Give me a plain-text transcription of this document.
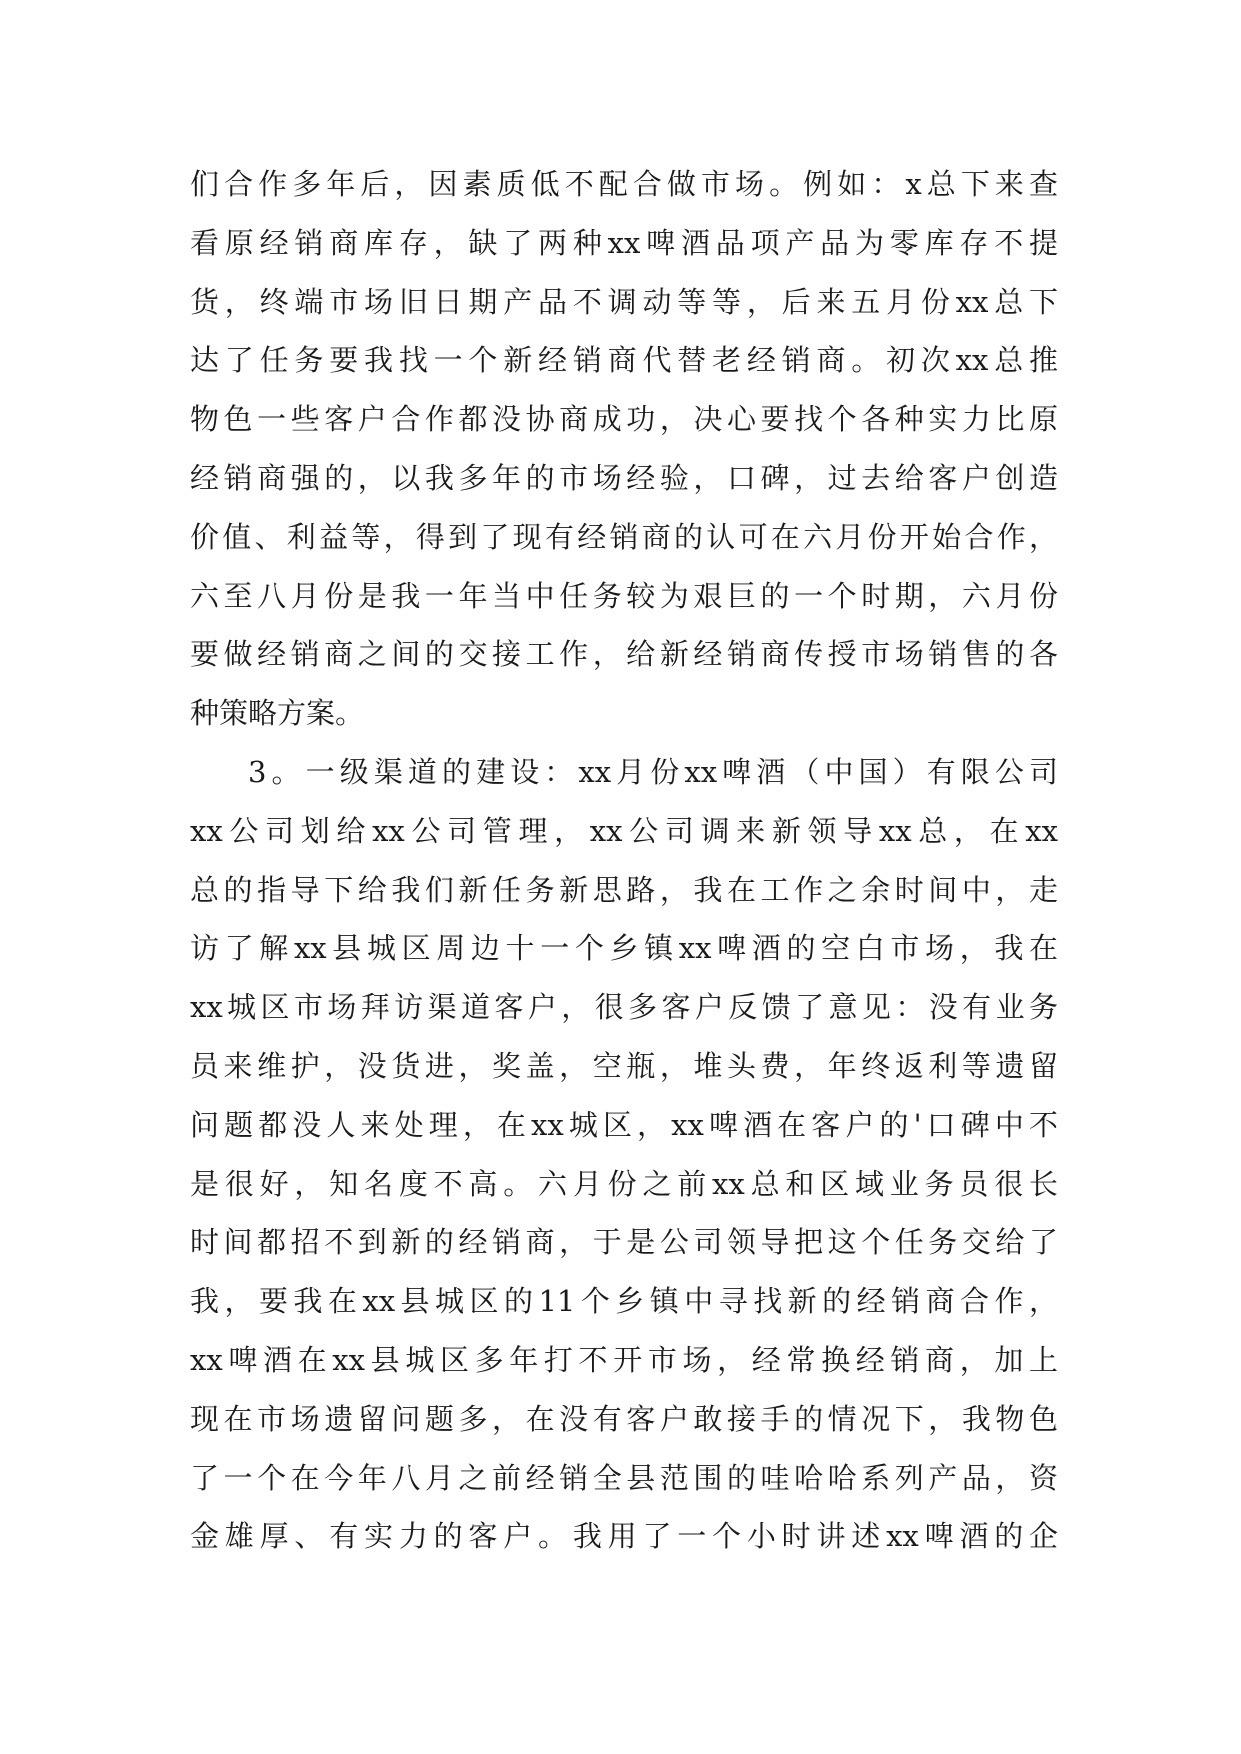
们合作多年后，因素质低不配合做市场。例如：x总下来查
看原经销商库存，缺了两种xx啤酒品项产品为零库存不提
货，终端市场旧日期产品不调动等等，后来五月份xx总下
达了任务要我找一个新经销商代替老经销商。初次xx总推
物色一些客户合作都没协商成功，决心要找个各种实力比原
经销商强的，以我多年的市场经验，口碑，过去给客户创造
价值、利益等，得到了现有经销商的认可在六月份开始合作，
六至八月份是我一年当中任务较为艰巨的一个时期，六月份
要做经销商之间的交接工作，给新经销商传授市场销售的各
种策略方案。
3。一级渠道的建设：xx月份xx啤酒（中国）有限公司
xx公司划给xx公司管理，xx公司调来新领导xx总，在xx
总的指导下给我们新任务新思路，我在工作之余时间中，走
访了解xx县城区周边十一个乡镇xx啤酒的空白市场，我在
xx城区市场拜访渠道客户，很多客户反馈了意见：没有业务
员来维护，没货进，奖盖，空瓶，堆头费，年终返利等遗留
问题都没人来处理，在xx城区，xx啤酒在客户的'口碑中不
是很好，知名度不高。六月份之前xx总和区域业务员很长
时间都招不到新的经销商，于是公司领导把这个任务交给了
我，要我在xx县城区的11个乡镇中寻找新的经销商合作，
xx啤酒在xx县城区多年打不开市场，经常换经销商，加上
现在市场遗留问题多，在没有客户敢接手的情况下，我物色
了一个在今年八月之前经销全县范围的哇哈哈系列产品，资
金雄厚、有实力的客户。我用了一个小时讲述xx啤酒的企
